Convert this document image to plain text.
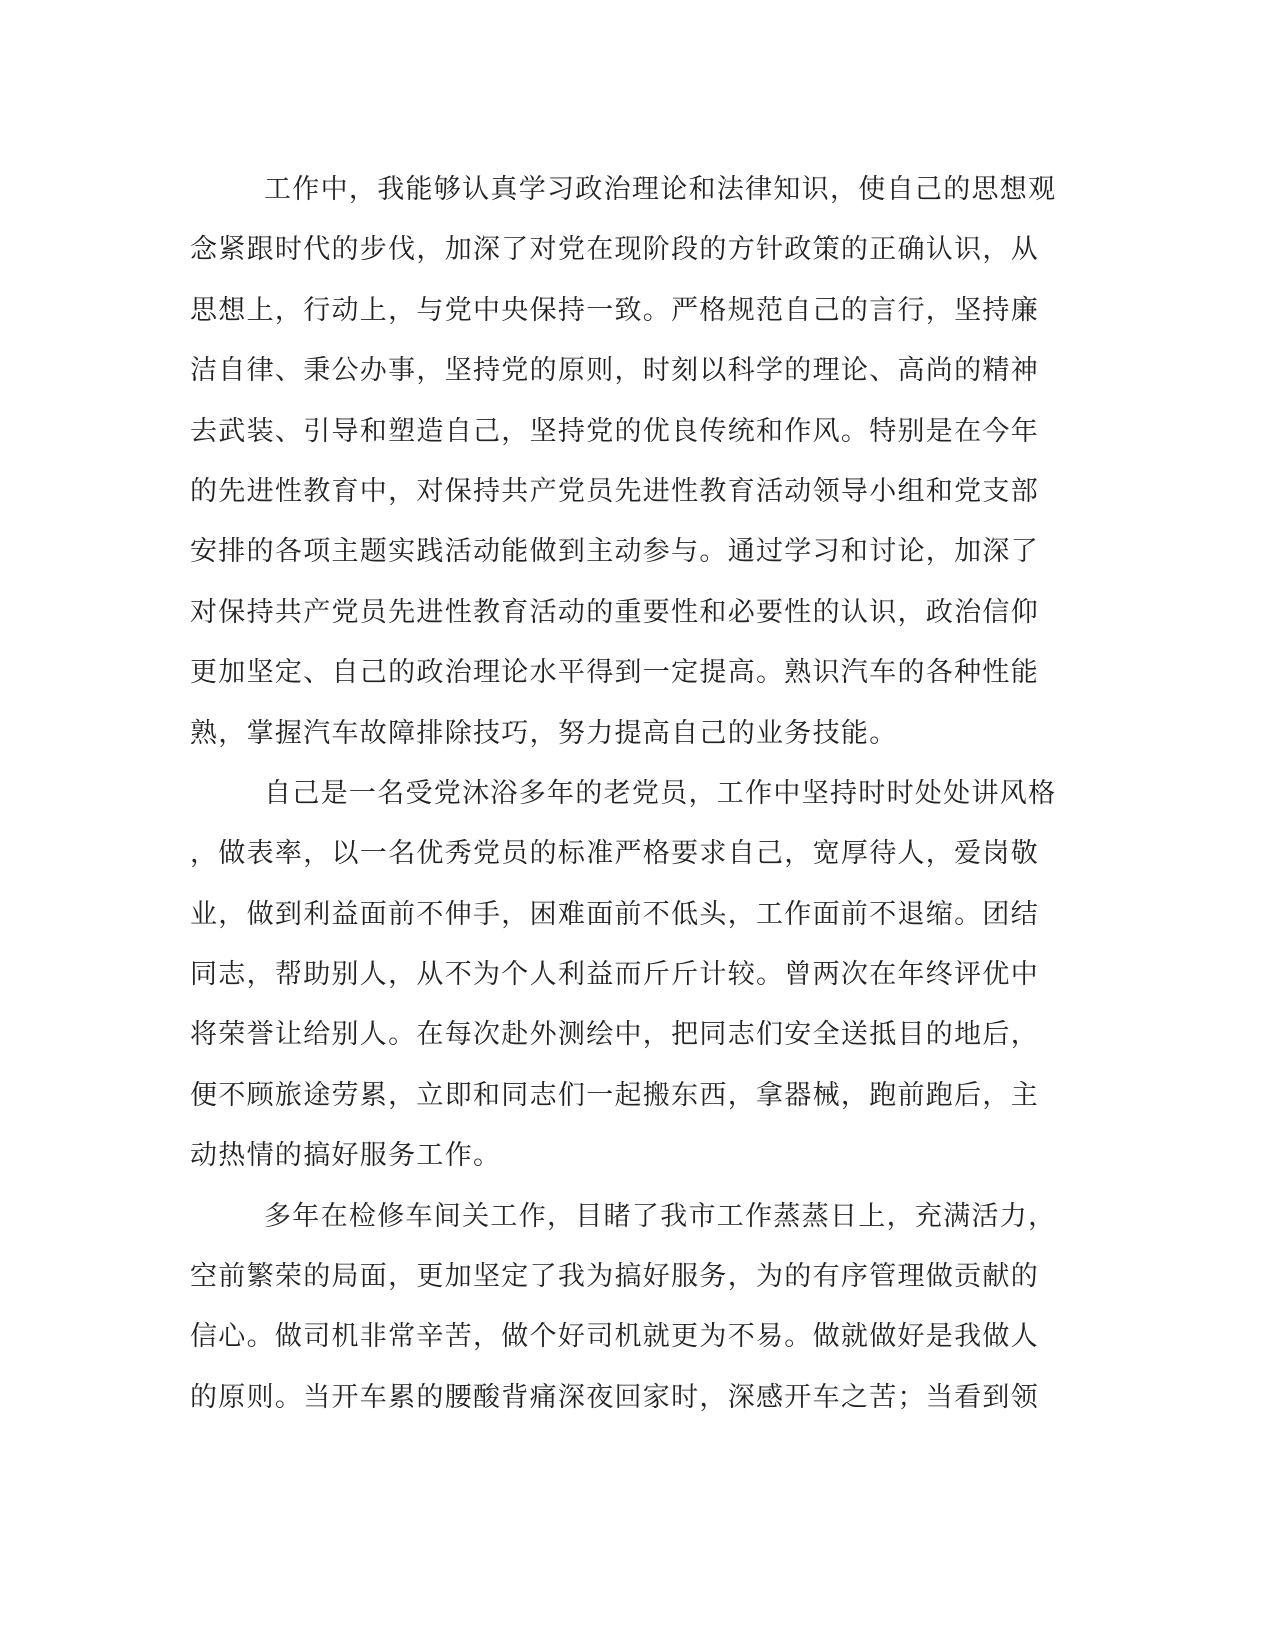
工作中，我能够认真学习政治理论和法律知识，使自己的思想观
念紧跟时代的步伐，加深了对党在现阶段的方针政策的正确认识，从
思想上，行动上，与党中央保持一致。严格规范自己的言行，坚持廉
洁自律、秉公办事，坚持党的原则，时刻以科学的理论、高尚的精神
去武装、引导和塑造自己，坚持党的优良传统和作风。特别是在今年
的先进性教育中，对保持共产党员先进性教育活动领导小组和党支部
安排的各项主题实践活动能做到主动参与。通过学习和讨论，加深了
对保持共产党员先进性教育活动的重要性和必要性的认识，政治信仰
更加坚定、自己的政治理论水平得到一定提高。熟识汽车的各种性能
熟，掌握汽车故障排除技巧，努力提高自己的业务技能。
自己是一名受党沐浴多年的老党员，工作中坚持时时处处讲风格
，做表率，以一名优秀党员的标准严格要求自己，宽厚待人，爱岗敬
业，做到利益面前不伸手，困难面前不低头，工作面前不退缩。团结
同志，帮助别人，从不为个人利益而斤斤计较。曾两次在年终评优中
将荣誉让给别人。在每次赴外测绘中，把同志们安全送抵目的地后，
便不顾旅途劳累，立即和同志们一起搬东西，拿器械，跑前跑后，主
动热情的搞好服务工作。
多年在检修车间关工作，目睹了我市工作蒸蒸日上，充满活力，
空前繁荣的局面，更加坚定了我为搞好服务，为的有序管理做贡献的
信心。做司机非常辛苦，做个好司机就更为不易。做就做好是我做人
的原则。当开车累的腰酸背痛深夜回家时，深感开车之苦；当看到领
